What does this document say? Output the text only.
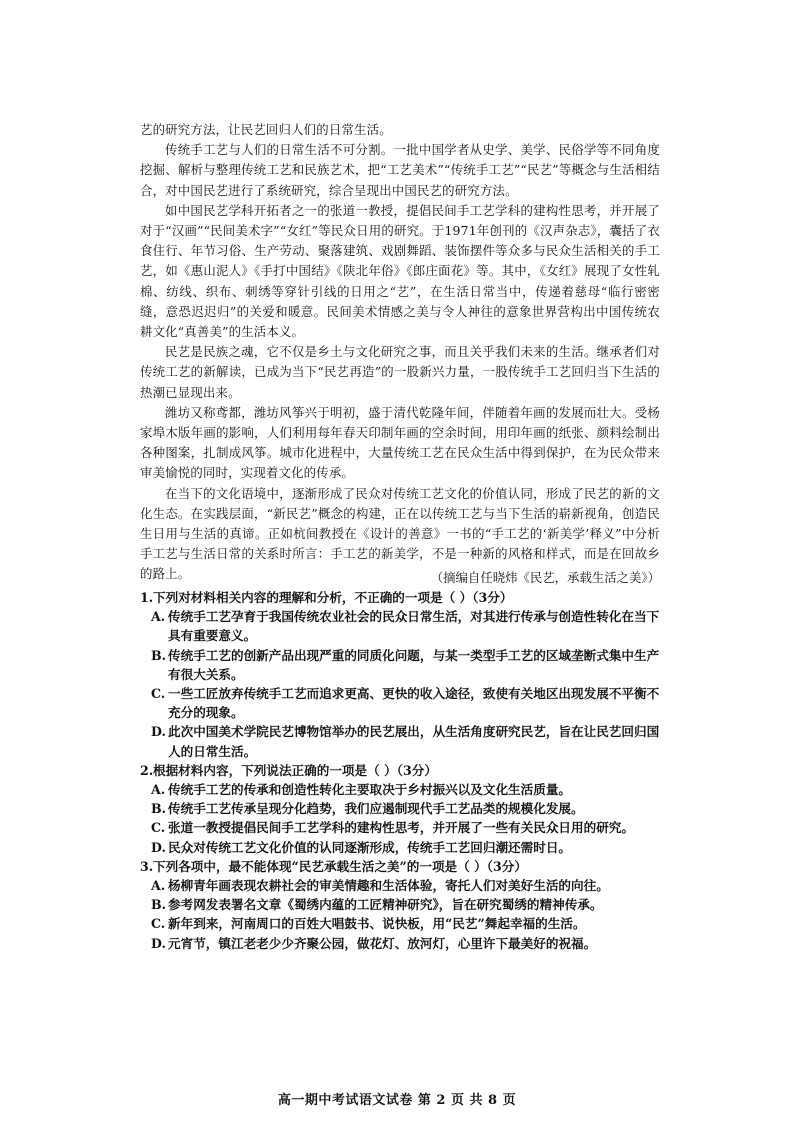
艺的研究方法，让民艺回归人们的日常生活。

传统手工艺与人们的日常生活不可分割。一批中国学者从史学、美学、民俗学等不同角度挖掘、解析与整理传统工艺和民族艺术，把“工艺美术”“传统手工艺”“民艺”等概念与生活相结合，对中国民艺进行了系统研究，综合呈现出中国民艺的研究方法。

如中国民艺学科开拓者之一的张道一教授，提倡民间手工艺学科的建构性思考，并开展了对于“汉画”“民间美术字”“女红”等民众日用的研究。于1971年创刊的《汉声杂志》，囊括了衣食住行、年节习俗、生产劳动、聚落建筑、戏剧舞蹈、装饰摆件等众多与民众生活相关的手工艺，如《惠山泥人》《手打中国结》《陕北年俗》《郎庄面花》等。其中，《女红》展现了女性轧棉、纺线、织布、刺绣等穿针引线的日用之“艺”，在生活日常当中，传递着慈母“临行密密缝，意恐迟迟归”的关爱和暖意。民间美术情感之美与令人神往的意象世界营构出中国传统农耕文化“真善美”的生活本义。

民艺是民族之魂，它不仅是乡土与文化研究之事，而且关乎我们未来的生活。继承者们对传统工艺的新解读，已成为当下“民艺再造”的一股新兴力量，一股传统手工艺回归当下生活的热潮已显现出来。

潍坊又称鸢都，潍坊风筝兴于明初，盛于清代乾隆年间，伴随着年画的发展而壮大。受杨家埠木版年画的影响，人们利用每年春天印制年画的空余时间，用印年画的纸张、颜料绘制出各种图案，扎制成风筝。城市化进程中，大量传统工艺在民众生活中得到保护，在为民众带来审美愉悦的同时，实现着文化的传承。

在当下的文化语境中，逐渐形成了民众对传统工艺文化的价值认同，形成了民艺的新的文化生态。在实践层面，“新民艺”概念的构建，正在以传统工艺与当下生活的崭新视角，创造民生日用与生活的真谛。正如杭间教授在《设计的善意》一书的“手工艺的‘新美学’释义”中分析手工艺与生活日常的关系时所言：手工艺的新美学，不是一种新的风格和样式，而是在回故乡的路上。	（摘编自任晓炜《民艺，承载生活之美》）

1.下列对材料相关内容的理解和分析，不正确的一项是（ ）（3分）

A. 传统手工艺孕育于我国传统农业社会的民众日常生活，对其进行传承与创造性转化在当下具有重要意义。

B. 传统手工艺的创新产品出现严重的同质化问题，与某一类型手工艺的区域垄断式集中生产有很大关系。

C. 一些工匠放弃传统手工艺而追求更高、更快的收入途径，致使有关地区出现发展不平衡不充分的现象。

D. 此次中国美术学院民艺博物馆举办的民艺展出，从生活角度研究民艺，旨在让民艺回归国人的日常生活。

2.根据材料内容，下列说法正确的一项是（ ）（3分）

A. 传统手工艺的传承和创造性转化主要取决于乡村振兴以及文化生活质量。

B. 传统手工艺传承呈现分化趋势，我们应遏制现代手工艺品类的规模化发展。

C. 张道一教授提倡民间手工艺学科的建构性思考，并开展了一些有关民众日用的研究。

D. 民众对传统工艺文化价值的认同逐渐形成，传统手工艺回归潮还需时日。

3.下列各项中，最不能体现“民艺承载生活之美”的一项是（ ）（3分）

A. 杨柳青年画表现农耕社会的审美情趣和生活体验，寄托人们对美好生活的向往。

B. 参考网发表署名文章《蜀绣内蕴的工匠精神研究》，旨在研究蜀绣的精神传承。

C. 新年到来，河南周口的百姓大唱鼓书、说快板，用“民艺”舞起幸福的生活。

D. 元宵节，镇江老老少少齐聚公园，做花灯、放河灯，心里许下最美好的祝福。

高一期中考试语文试卷 第 2 页 共 8 页
